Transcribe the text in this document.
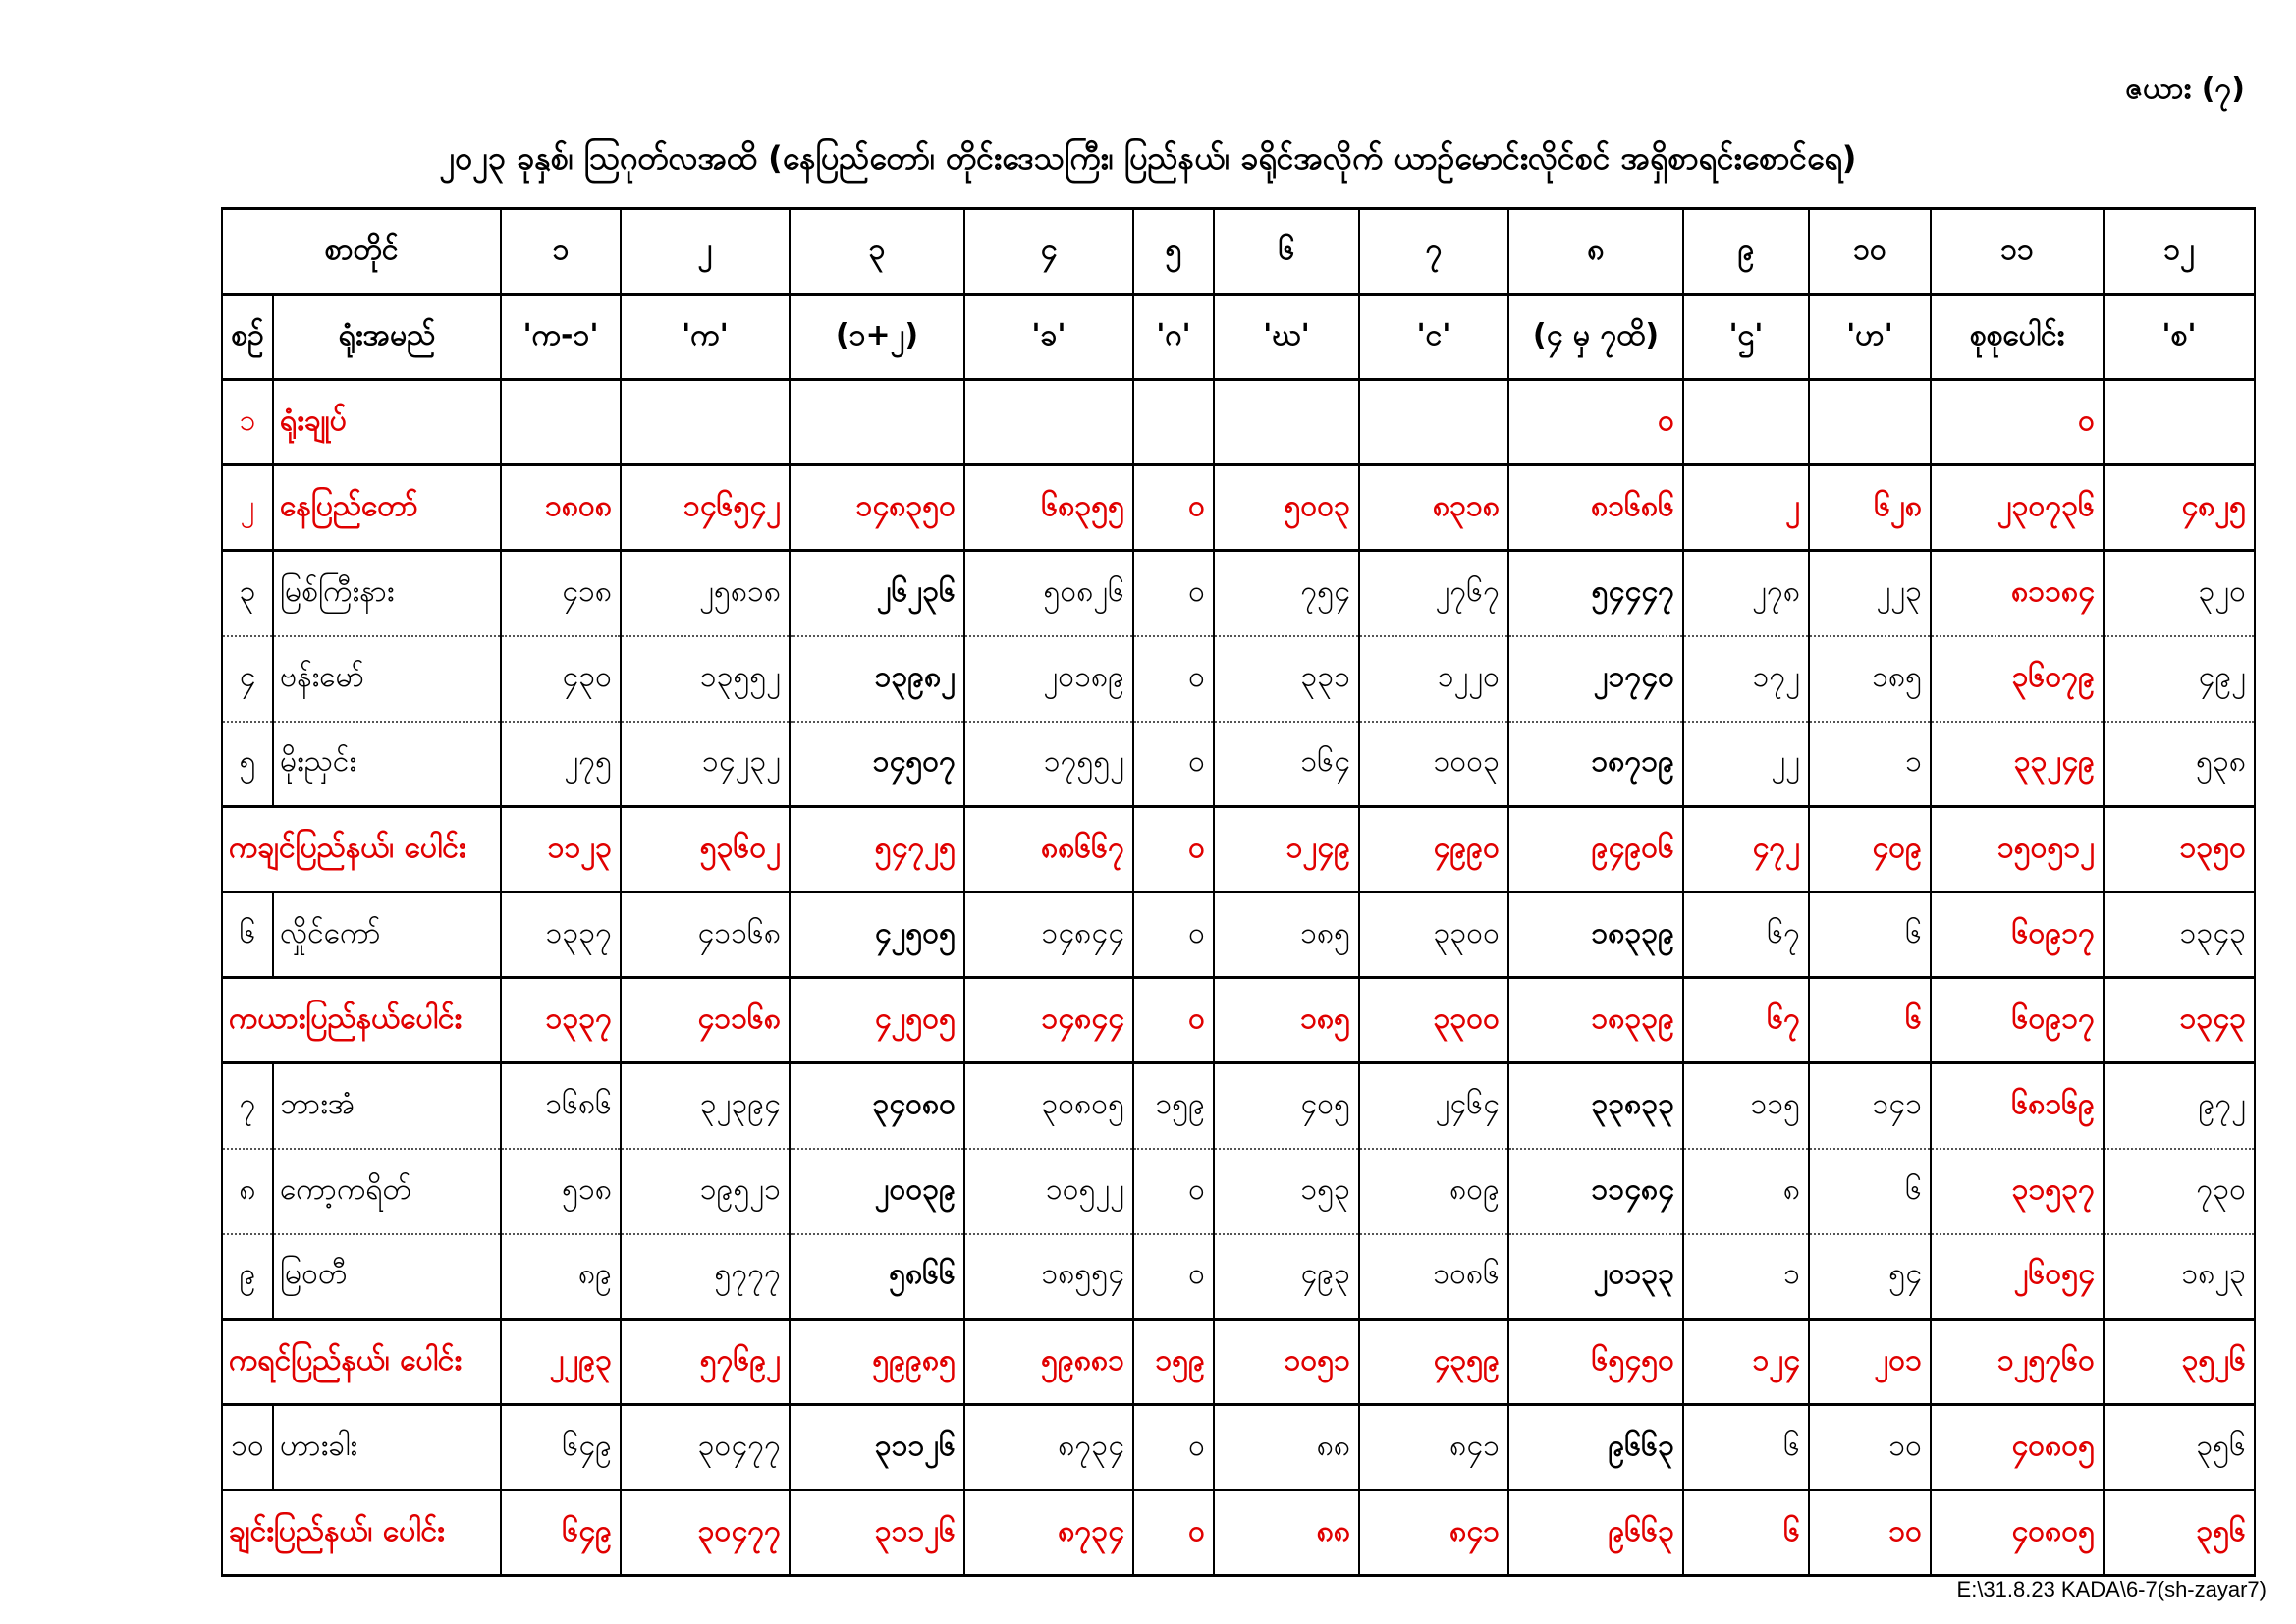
ဇယား (၇)
၂၀၂၃ ခုနှစ်၊ ဩဂုတ်လအထိ (နေပြည်တော်၊ တိုင်းဒေသကြီး၊ ပြည်နယ်၊ ခရိုင်အလိုက် ယာဉ်မောင်းလိုင်စင် အရှိစာရင်းစောင်ရေ)
စာတိုင်		၁	၂	၃	၄	၅	၆	၇	၈	၉	၁၀	၁၁	၁၂
စဉ်	ရုံးအမည်	'က-၁'	'က'	(၁+၂)	'ခ'	'ဂ'	'ဃ'	'င'	(၄ မှ ၇ထိ)	'ဌ'	'ဟ'	စုစုပေါင်း	'စ'
၁	ရုံးချုပ်								၀			၀	
၂	နေပြည်တော်	၁၈၀၈	၁၄၆၅၄၂	၁၄၈၃၅၀	၆၈၃၅၅	၀	၅၀၀၃	၈၃၁၈	၈၁၆၈၆	၂	၆၂၈	၂၃၀၇၃၆	၄၈၂၅
၃	မြစ်ကြီးနား	၄၁၈	၂၅၈၁၈	၂၆၂၃၆	၅၀၈၂၆	၀	၇၅၄	၂၇၆၇	၅၄၄၄၇	၂၇၈	၂၂၃	၈၁၁၈၄	၃၂၀
၄	ဗန်းမော်	၄၃၀	၁၃၅၅၂	၁၃၉၈၂	၂၀၁၈၉	၀	၃၃၁	၁၂၂၀	၂၁၇၄၀	၁၇၂	၁၈၅	၃၆၀၇၉	၄၉၂
၅	မိုးညှင်း	၂၇၅	၁၄၂၃၂	၁၄၅၀၇	၁၇၅၅၂	၀	၁၆၄	၁၀၀၃	၁၈၇၁၉	၂၂	၁	၃၃၂၄၉	၅၃၈
ကချင်ပြည်နယ်၊ ပေါင်း		၁၁၂၃	၅၃၆၀၂	၅၄၇၂၅	၈၈၆၆၇	၀	၁၂၄၉	၄၉၉၀	၉၄၉၀၆	၄၇၂	၄၀၉	၁၅၀၅၁၂	၁၃၅၀
၆	လှိုင်ကော်	၁၃၃၇	၄၁၁၆၈	၄၂၅၀၅	၁၄၈၄၄	၀	၁၈၅	၃၃၀၀	၁၈၃၃၉	၆၇	၆	၆၀၉၁၇	၁၃၄၃
ကယားပြည်နယ်ပေါင်း		၁၃၃၇	၄၁၁၆၈	၄၂၅၀၅	၁၄၈၄၄	၀	၁၈၅	၃၃၀၀	၁၈၃၃၉	၆၇	၆	၆၀၉၁၇	၁၃၄၃
၇	ဘားအံ	၁၆၈၆	၃၂၃၉၄	၃၄၀၈၀	၃၀၈၀၅	၁၅၉	၄၀၅	၂၄၆၄	၃၃၈၃၃	၁၁၅	၁၄၁	၆၈၁၆၉	၉၇၂
၈	ကော့ကရိတ်	၅၁၈	၁၉၅၂၁	၂၀၀၃၉	၁၀၅၂၂	၀	၁၅၃	၈၀၉	၁၁၄၈၄	၈	၆	၃၁၅၃၇	၇၃၀
၉	မြဝတီ	၈၉	၅၇၇၇	၅၈၆၆	၁၈၅၅၄	၀	၄၉၃	၁၀၈၆	၂၀၁၃၃	၁	၅၄	၂၆၀၅၄	၁၈၂၃
ကရင်ပြည်နယ်၊ ပေါင်း		၂၂၉၃	၅၇၆၉၂	၅၉၉၈၅	၅၉၈၈၁	၁၅၉	၁၀၅၁	၄၃၅၉	၆၅၄၅၀	၁၂၄	၂၀၁	၁၂၅၇၆၀	၃၅၂၆
၁၀	ဟားခါး	၆၄၉	၃၀၄၇၇	၃၁၁၂၆	၈၇၃၄	၀	၈၈	၈၄၁	၉၆၆၃	၆	၁၀	၄၀၈၀၅	၃၅၆
ချင်းပြည်နယ်၊ ပေါင်း		၆၄၉	၃၀၄၇၇	၃၁၁၂၆	၈၇၃၄	၀	၈၈	၈၄၁	၉၆၆၃	၆	၁၀	၄၀၈၀၅	၃၅၆
E:\31.8.23 KADA\6-7(sh-zayar7)
